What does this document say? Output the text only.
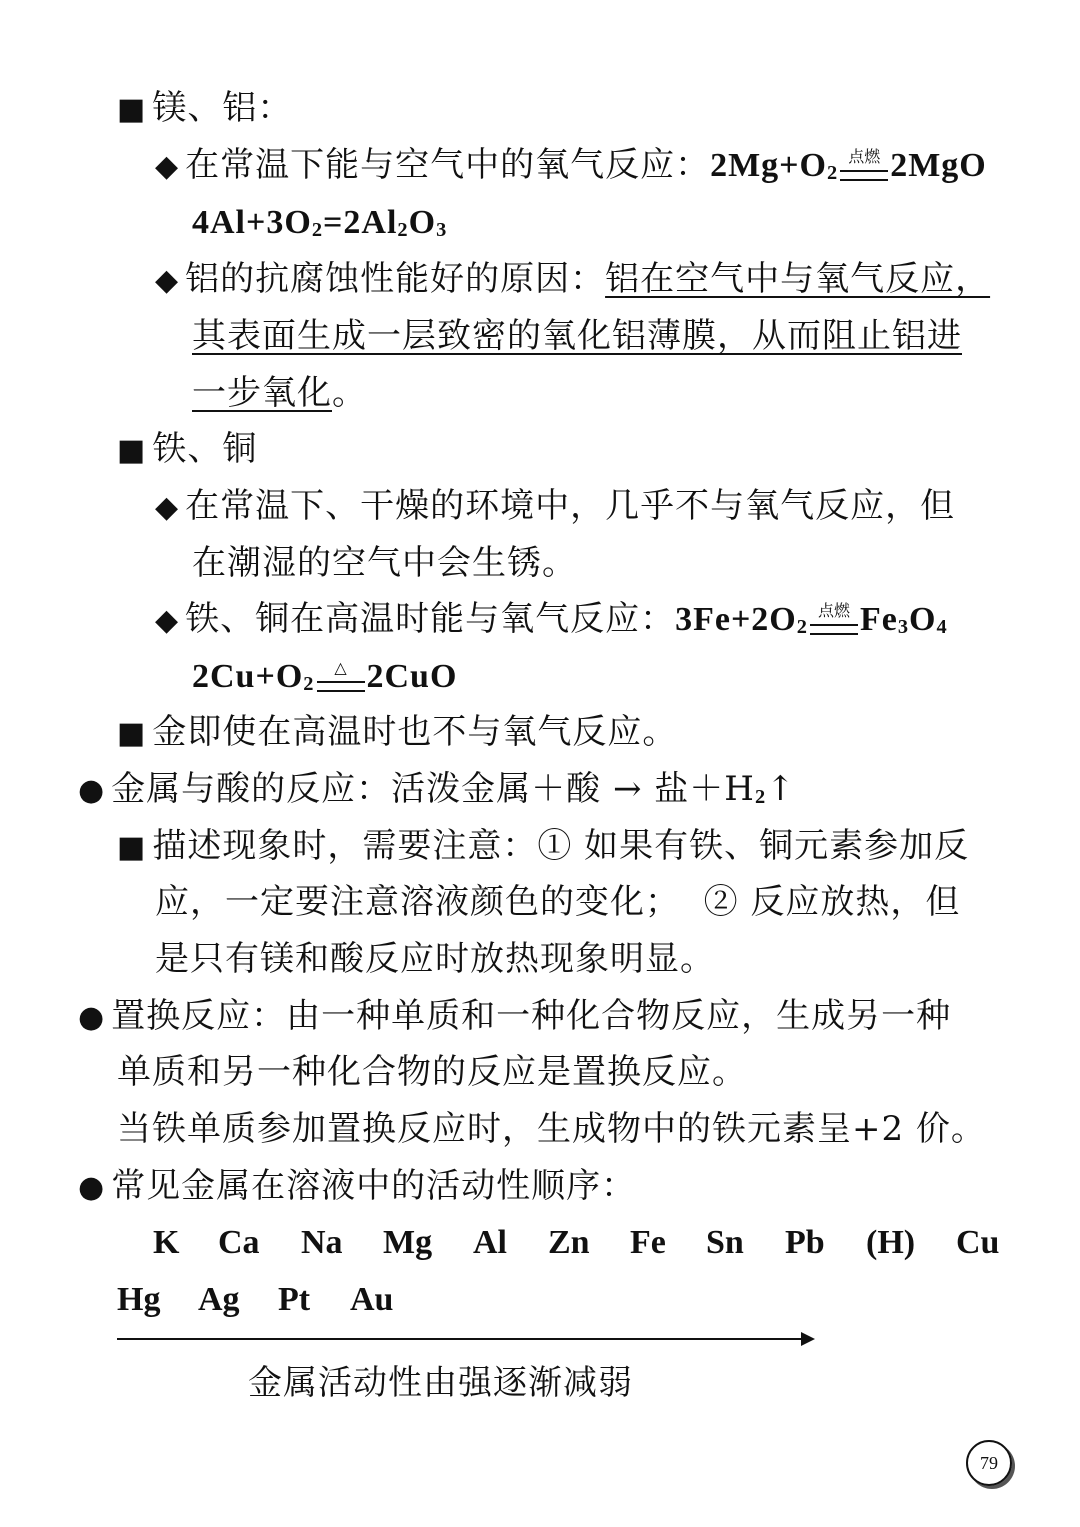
■ 镁、铝：
◆ 在常温下能与空气中的氧气反应：$2Mg+O_2$
点燃 2MgO
$4Al+3O_2=2Al_2O_3$
◆ 铝的抗腐蚀性能好的原因：铝在空气中与氧气反应，
其表面生成一层致密的氧化铝薄膜，从而阻止铝进
一步氧化。
■ 铁、铜
◆ 在常温下、干燥的环境中，几乎不与氧气反应，但
在潮湿的空气中会生锈。
◆ 铁、铜在高温时能与氧气反应：$3Fe+2O_2$
点燃 $Fe_3O_4$
$2Cu+O_2$
△ 2CuO
■ 金即使在高温时也不与氧气反应。
● 金属与酸的反应：活泼金属＋酸 → 盐$+H_2↑$
■ 描述现象时，需要注意：① 如果有铁、铜元素参加反
应，一定要注意溶液颜色的变化；  ② 反应放热，但
是只有镁和酸反应时放热现象明显。
● 置换反应：由一种单质和一种化合物反应，生成另一种
单质和另一种化合物的反应是置换反应。
当铁单质参加置换反应时，生成物中的铁元素呈+2 价。
● 常见金属在溶液中的活动性顺序：
K Ca Na Mg Al Zn Fe Sn Pb (H) Cu
Hg Ag Pt Au
金属活动性由强逐渐减弱
79
